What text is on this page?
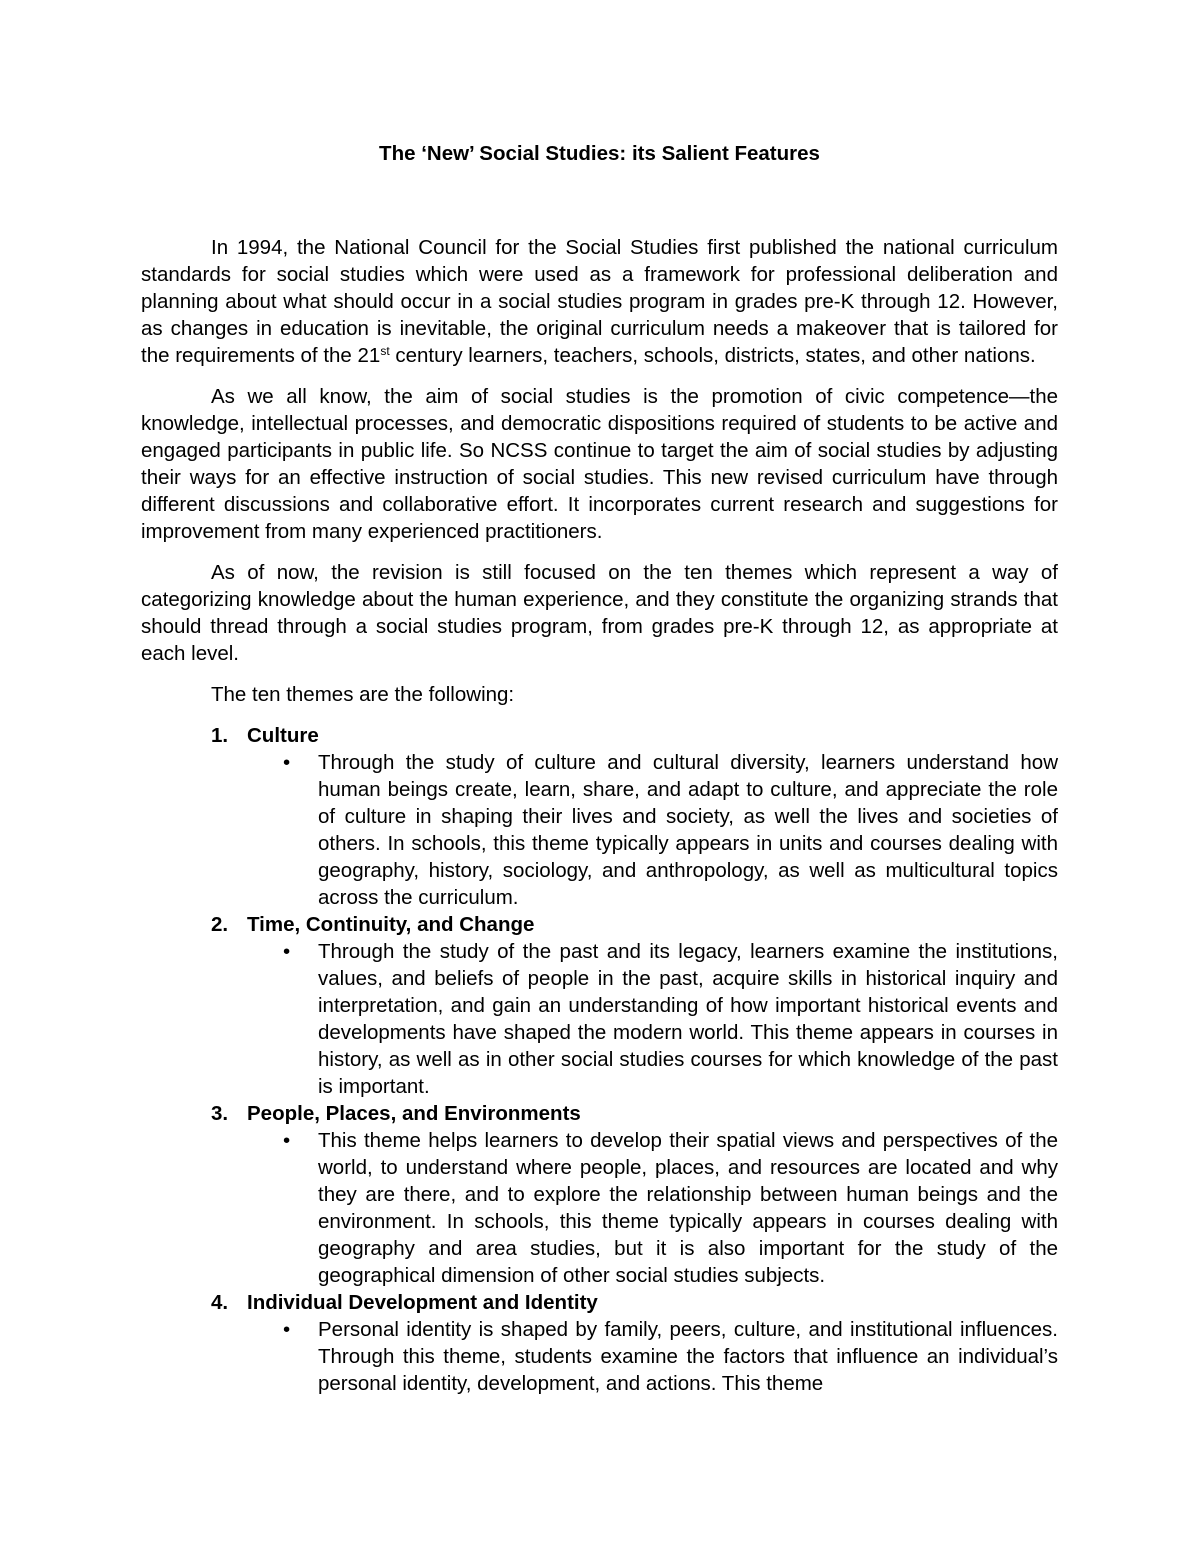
The ‘New’ Social Studies: its Salient Features

In 1994, the National Council for the Social Studies first published the national curriculum standards for social studies which were used as a framework for professional deliberation and planning about what should occur in a social studies program in grades pre-K through 12. However, as changes in education is inevitable, the original curriculum needs a makeover that is tailored for the requirements of the 21st century learners, teachers, schools, districts, states, and other nations.

As we all know, the aim of social studies is the promotion of civic competence—the knowledge, intellectual processes, and democratic dispositions required of students to be active and engaged participants in public life. So NCSS continue to target the aim of social studies by adjusting their ways for an effective instruction of social studies. This new revised curriculum have through different discussions and collaborative effort. It incorporates current research and suggestions for improvement from many experienced practitioners.

As of now, the revision is still focused on the ten themes which represent a way of categorizing knowledge about the human experience, and they constitute the organizing strands that should thread through a social studies program, from grades pre-K through 12, as appropriate at each level.

The ten themes are the following:

1. Culture
• Through the study of culture and cultural diversity, learners understand how human beings create, learn, share, and adapt to culture, and appreciate the role of culture in shaping their lives and society, as well the lives and societies of others. In schools, this theme typically appears in units and courses dealing with geography, history, sociology, and anthropology, as well as multicultural topics across the curriculum.
2. Time, Continuity, and Change
• Through the study of the past and its legacy, learners examine the institutions, values, and beliefs of people in the past, acquire skills in historical inquiry and interpretation, and gain an understanding of how important historical events and developments have shaped the modern world. This theme appears in courses in history, as well as in other social studies courses for which knowledge of the past is important.
3. People, Places, and Environments
• This theme helps learners to develop their spatial views and perspectives of the world, to understand where people, places, and resources are located and why they are there, and to explore the relationship between human beings and the environment. In schools, this theme typically appears in courses dealing with geography and area studies, but it is also important for the study of the geographical dimension of other social studies subjects.
4. Individual Development and Identity
• Personal identity is shaped by family, peers, culture, and institutional influences. Through this theme, students examine the factors that influence an individual’s personal identity, development, and actions. This theme
